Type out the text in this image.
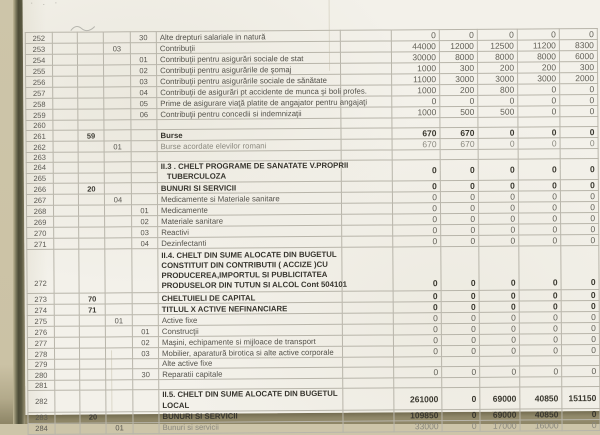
· . ·
252				30	Alte drepturi salariale in natură		0	0	0	0	0
253			03		Contribuţii		44000	12000	12500	11200	8300
254				01	Contribuţii pentru asigurări sociale de stat		30000	8000	8000	8000	6000
255				02	Contribuţii pentru asigurările de şomaj		1000	300	200	200	300
256				03	Contribuţii pentru asigurările sociale de sănătate		11000	3000	3000	3000	2000
257				04	Contribuţii de asigurări pt accidente de munca şi boli profes.		1000	200	800	0	0
258				05	Prime de asigurare viaţă platite de angajator pentru angajaţi		0	0	0	0	0
259				06	Contribuţii pentru concedii si indemnizaţii		1000	500	500	0	0
260											
261		59			Burse		670	670	0	0	0
262			01		Burse acordate elevilor romani		670	670	0	0	0
263											
264					II.3 . CHELT PROGRAME DE SANATATE V.PROPRII
TUBERCULOZA		0	0	0	0	0
265											
266		20			BUNURI SI SERVICII		0	0	0	0	0
267			04		Medicamente si Materiale sanitare		0	0	0	0	0
268				01	Medicamente		0	0	0	0	0
269				02	Materiale sanitare		0	0	0	0	0
270				03	Reactivi		0	0	0	0	0
271				04	Dezinfectanti		0	0	0	0	0
272					II.4. CHELT DIN SUME ALOCATE DIN BUGETUL
CONSTITUIT DIN CONTRIBUTII ( ACCIZE )CU
PRODUCEREA,IMPORTUL SI PUBLICITATEA
PRODUSELOR DIN TUTUN SI ALCOL Cont 504101		0	0	0	0	0
273		70			CHELTUIELI DE CAPITAL		0	0	0	0	0
274		71			TITLUL X ACTIVE NEFINANCIARE		0	0	0	0	0
275			01		Active fixe		0	0	0	0	0
276				01	Construcţii		0	0	0	0	0
277				02	Maşini, echipamente si mijloace de transport		0	0	0	0	0
278				03	Mobilier, aparatură birotica si alte active corporale		0	0	0	0	0
279					Alte active fixe						
280				30	Reparatii capitale		0	0	0	0	0
281											
282					II.5. CHELT DIN SUME ALOCATE DIN BUGETUL
LOCAL		261000	0	69000	40850	151150
283		20			BUNURI SI SERVICII		109850	0	69000	40850	0
284			01		Bunuri si servicii		33000	0	17000	16000	0
